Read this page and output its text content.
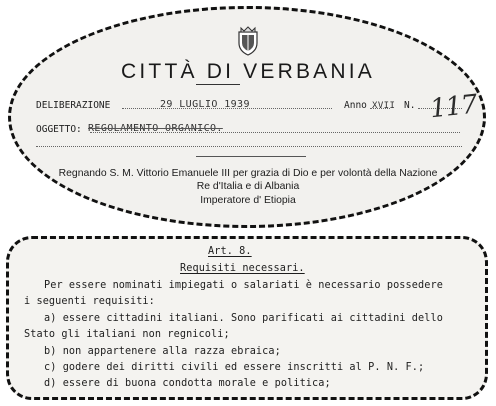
CITTÀ DI VERBANIA
DELIBERAZIONE	29 LUGLIO 1939	Anno XVII N. 117
OGGETTO: REGOLAMENTO ORGANICO.
Regnando S. M. Vittorio Emanuele III per grazia di Dio e per volontà della Nazione
Re d'Italia e di Albania
Imperatore d' Etiopia
Art. 8.
Requisiti necessari.
Per essere nominati impiegati o salariati è necessario possedere
i seguenti requisiti:
a) essere cittadini italiani. Sono parificati ai cittadini dello
Stato gli italiani non regnicoli;
b) non appartenere alla razza ebraica;
c) godere dei diritti civili ed essere inscritti al P. N. F.;
d) essere di buona condotta morale e politica;
